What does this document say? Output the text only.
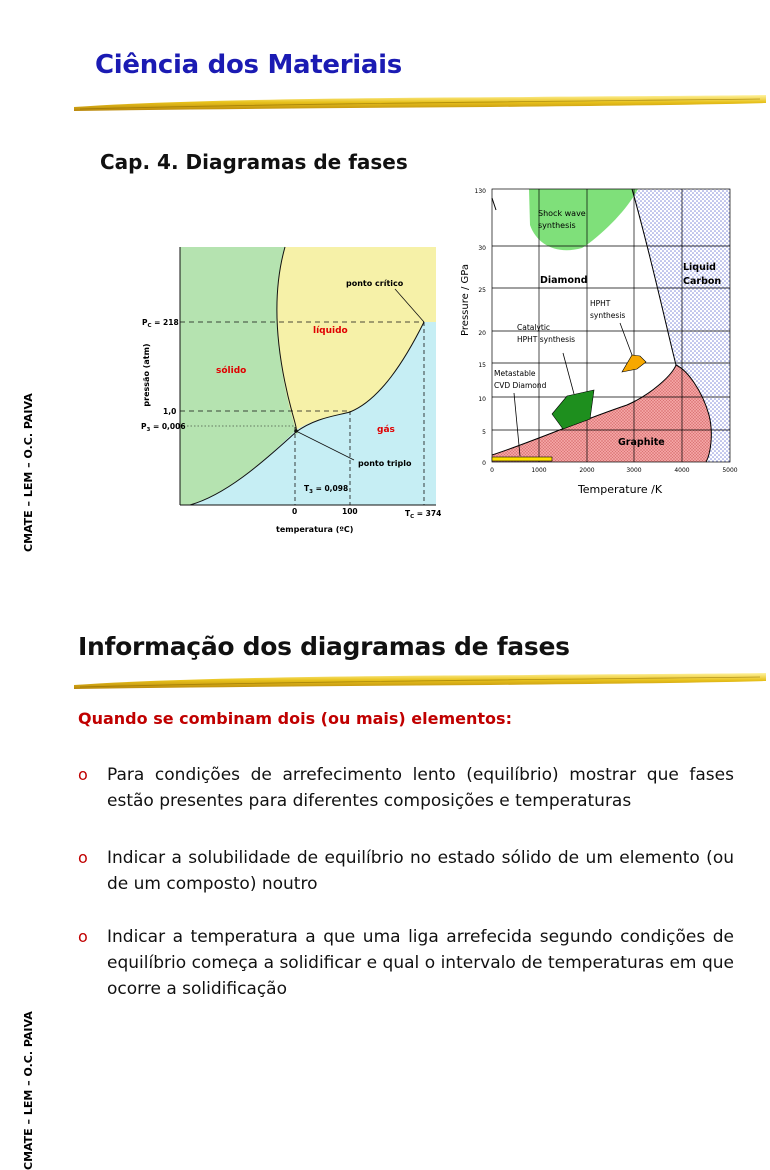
CMATE – LEM – O.C. PAIVA
Ciência dos Materiais
Cap. 4. Diagramas de fases
pressão (atm)
$P_C = 218$
1,0
$P_3 = 0,006$
0	100	$T_C = 374$
$T_3 = 0,098$
temperatura (ºC)
ponto crítico
ponto triplo
sólido
líquido
gás
130
30
25
20
15
10
5
0
0	1000	2000	3000	4000	5000
Pressure / GPa
Temperature /K
Shock wave
synthesis
Diamond
Liquid
Carbon
HPHT
synthesis
Catalytic
HPHT synthesis
Metastable
CVD Diamond
Graphite
Informação dos diagramas de fases
Quando se combinam dois (ou mais) elementos:
o Para condições de arrefecimento lento (equilíbrio) mostrar que fases estão presentes para diferentes composições e temperaturas
o Indicar a solubilidade de equilíbrio no estado sólido de um elemento (ou de um composto) noutro
o Indicar a temperatura a que uma liga arrefecida segundo condições de equilíbrio começa a solidificar e qual o intervalo de temperaturas em que ocorre a solidificação
CMATE – LEM – O.C. PAIVA
